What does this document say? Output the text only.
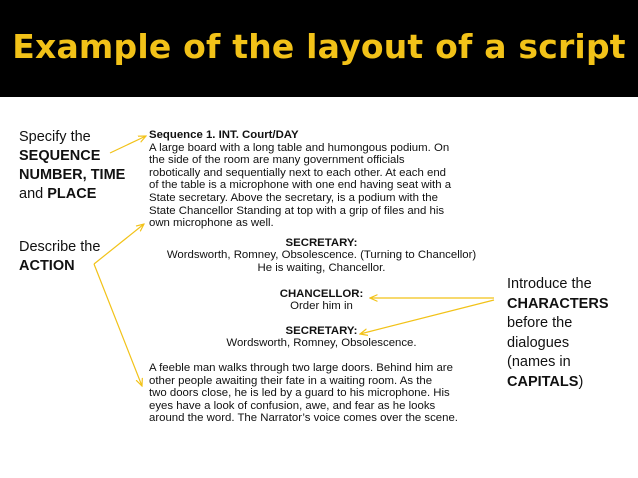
Example of the layout of a script
Specify the
SEQUENCE
NUMBER, TIME
and PLACE
Describe the
ACTION
Introduce the
CHARACTERS
before the
dialogues
(names in
CAPITALS)

Sequence 1. INT. Court/DAY

A large board with a long table and humongous podium. On

the side of the room are many government officials

robotically and sequentially next to each other. At each end

of the table is a microphone with one end having seat with a

State secretary. Above the secretary, is a podium with the

State Chancellor Standing at top with a grip of files and his

own microphone as well.

SECRETARY:

Wordsworth, Romney, Obsolescence. (Turning to Chancellor)

He is waiting, Chancellor.

CHANCELLOR:

Order him in

SECRETARY:

Wordsworth, Romney, Obsolescence.

A feeble man walks through two large doors. Behind him are

other people awaiting their fate in a waiting room. As the

two doors close, he is led by a guard to his microphone. His

eyes have a look of confusion, awe, and fear as he looks

around the word. The Narrator’s voice comes over the scene.
